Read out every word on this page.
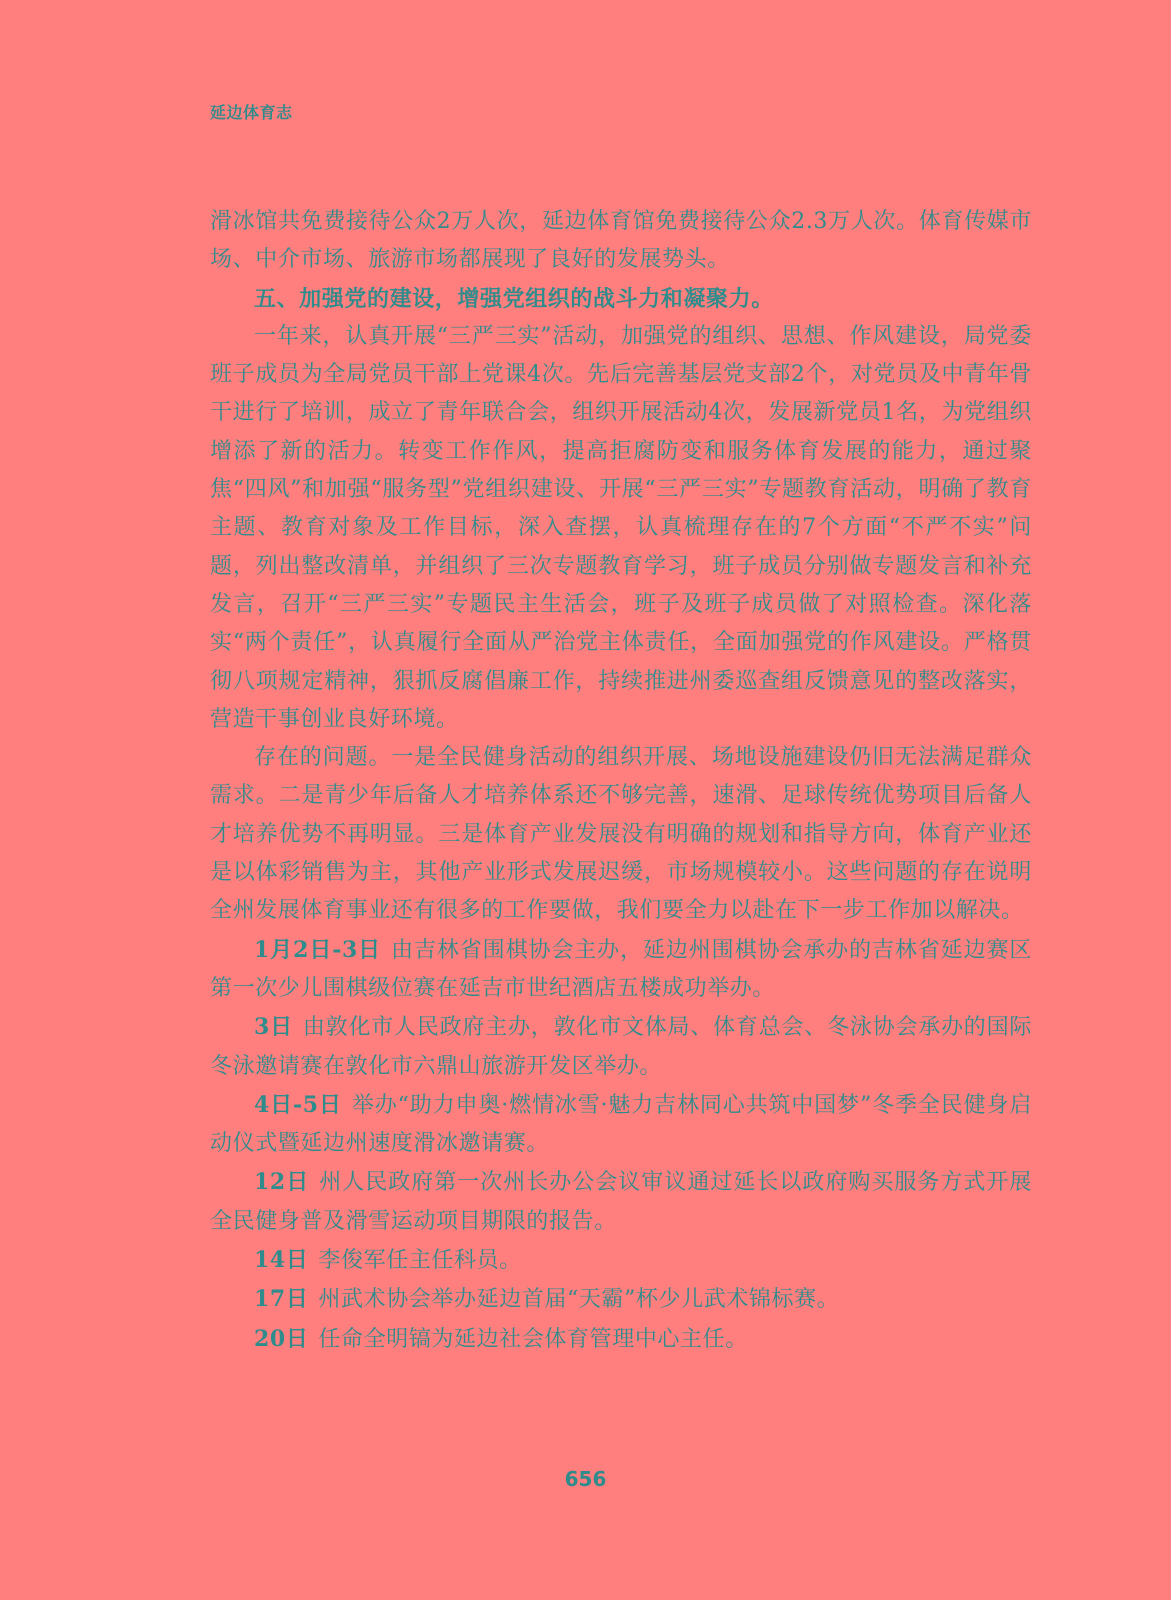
延边体育志

滑冰馆共免费接待公众2万人次，延边体育馆免费接待公众2.3万人次。体育传媒市场、中介市场、旅游市场都展现了良好的发展势头。

五、加强党的建设，增强党组织的战斗力和凝聚力。

一年来，认真开展“三严三实”活动，加强党的组织、思想、作风建设，局党委班子成员为全局党员干部上党课4次。先后完善基层党支部2个，对党员及中青年骨干进行了培训，成立了青年联合会，组织开展活动4次，发展新党员1名，为党组织增添了新的活力。转变工作作风，提高拒腐防变和服务体育发展的能力，通过聚焦“四风”和加强“服务型”党组织建设、开展“三严三实”专题教育活动，明确了教育主题、教育对象及工作目标，深入查摆，认真梳理存在的7个方面“不严不实”问题，列出整改清单，并组织了三次专题教育学习，班子成员分别做专题发言和补充发言，召开“三严三实”专题民主生活会，班子及班子成员做了对照检查。深化落实“两个责任”，认真履行全面从严治党主体责任，全面加强党的作风建设。严格贯彻八项规定精神，狠抓反腐倡廉工作，持续推进州委巡查组反馈意见的整改落实，营造干事创业良好环境。

存在的问题。一是全民健身活动的组织开展、场地设施建设仍旧无法满足群众需求。二是青少年后备人才培养体系还不够完善，速滑、足球传统优势项目后备人才培养优势不再明显。三是体育产业发展没有明确的规划和指导方向，体育产业还是以体彩销售为主，其他产业形式发展迟缓，市场规模较小。这些问题的存在说明全州发展体育事业还有很多的工作要做，我们要全力以赴在下一步工作加以解决。

1月2日-3日 由吉林省围棋协会主办，延边州围棋协会承办的吉林省延边赛区第一次少儿围棋级位赛在延吉市世纪酒店五楼成功举办。

3日 由敦化市人民政府主办，敦化市文体局、体育总会、冬泳协会承办的国际冬泳邀请赛在敦化市六鼎山旅游开发区举办。

4日-5日 举办“助力申奥·燃情冰雪·魅力吉林同心共筑中国梦”冬季全民健身启动仪式暨延边州速度滑冰邀请赛。

12日 州人民政府第一次州长办公会议审议通过延长以政府购买服务方式开展全民健身普及滑雪运动项目期限的报告。

14日 李俊军任主任科员。

17日 州武术协会举办延边首届“天霸”杯少儿武术锦标赛。

20日 任命全明镐为延边社会体育管理中心主任。

656
